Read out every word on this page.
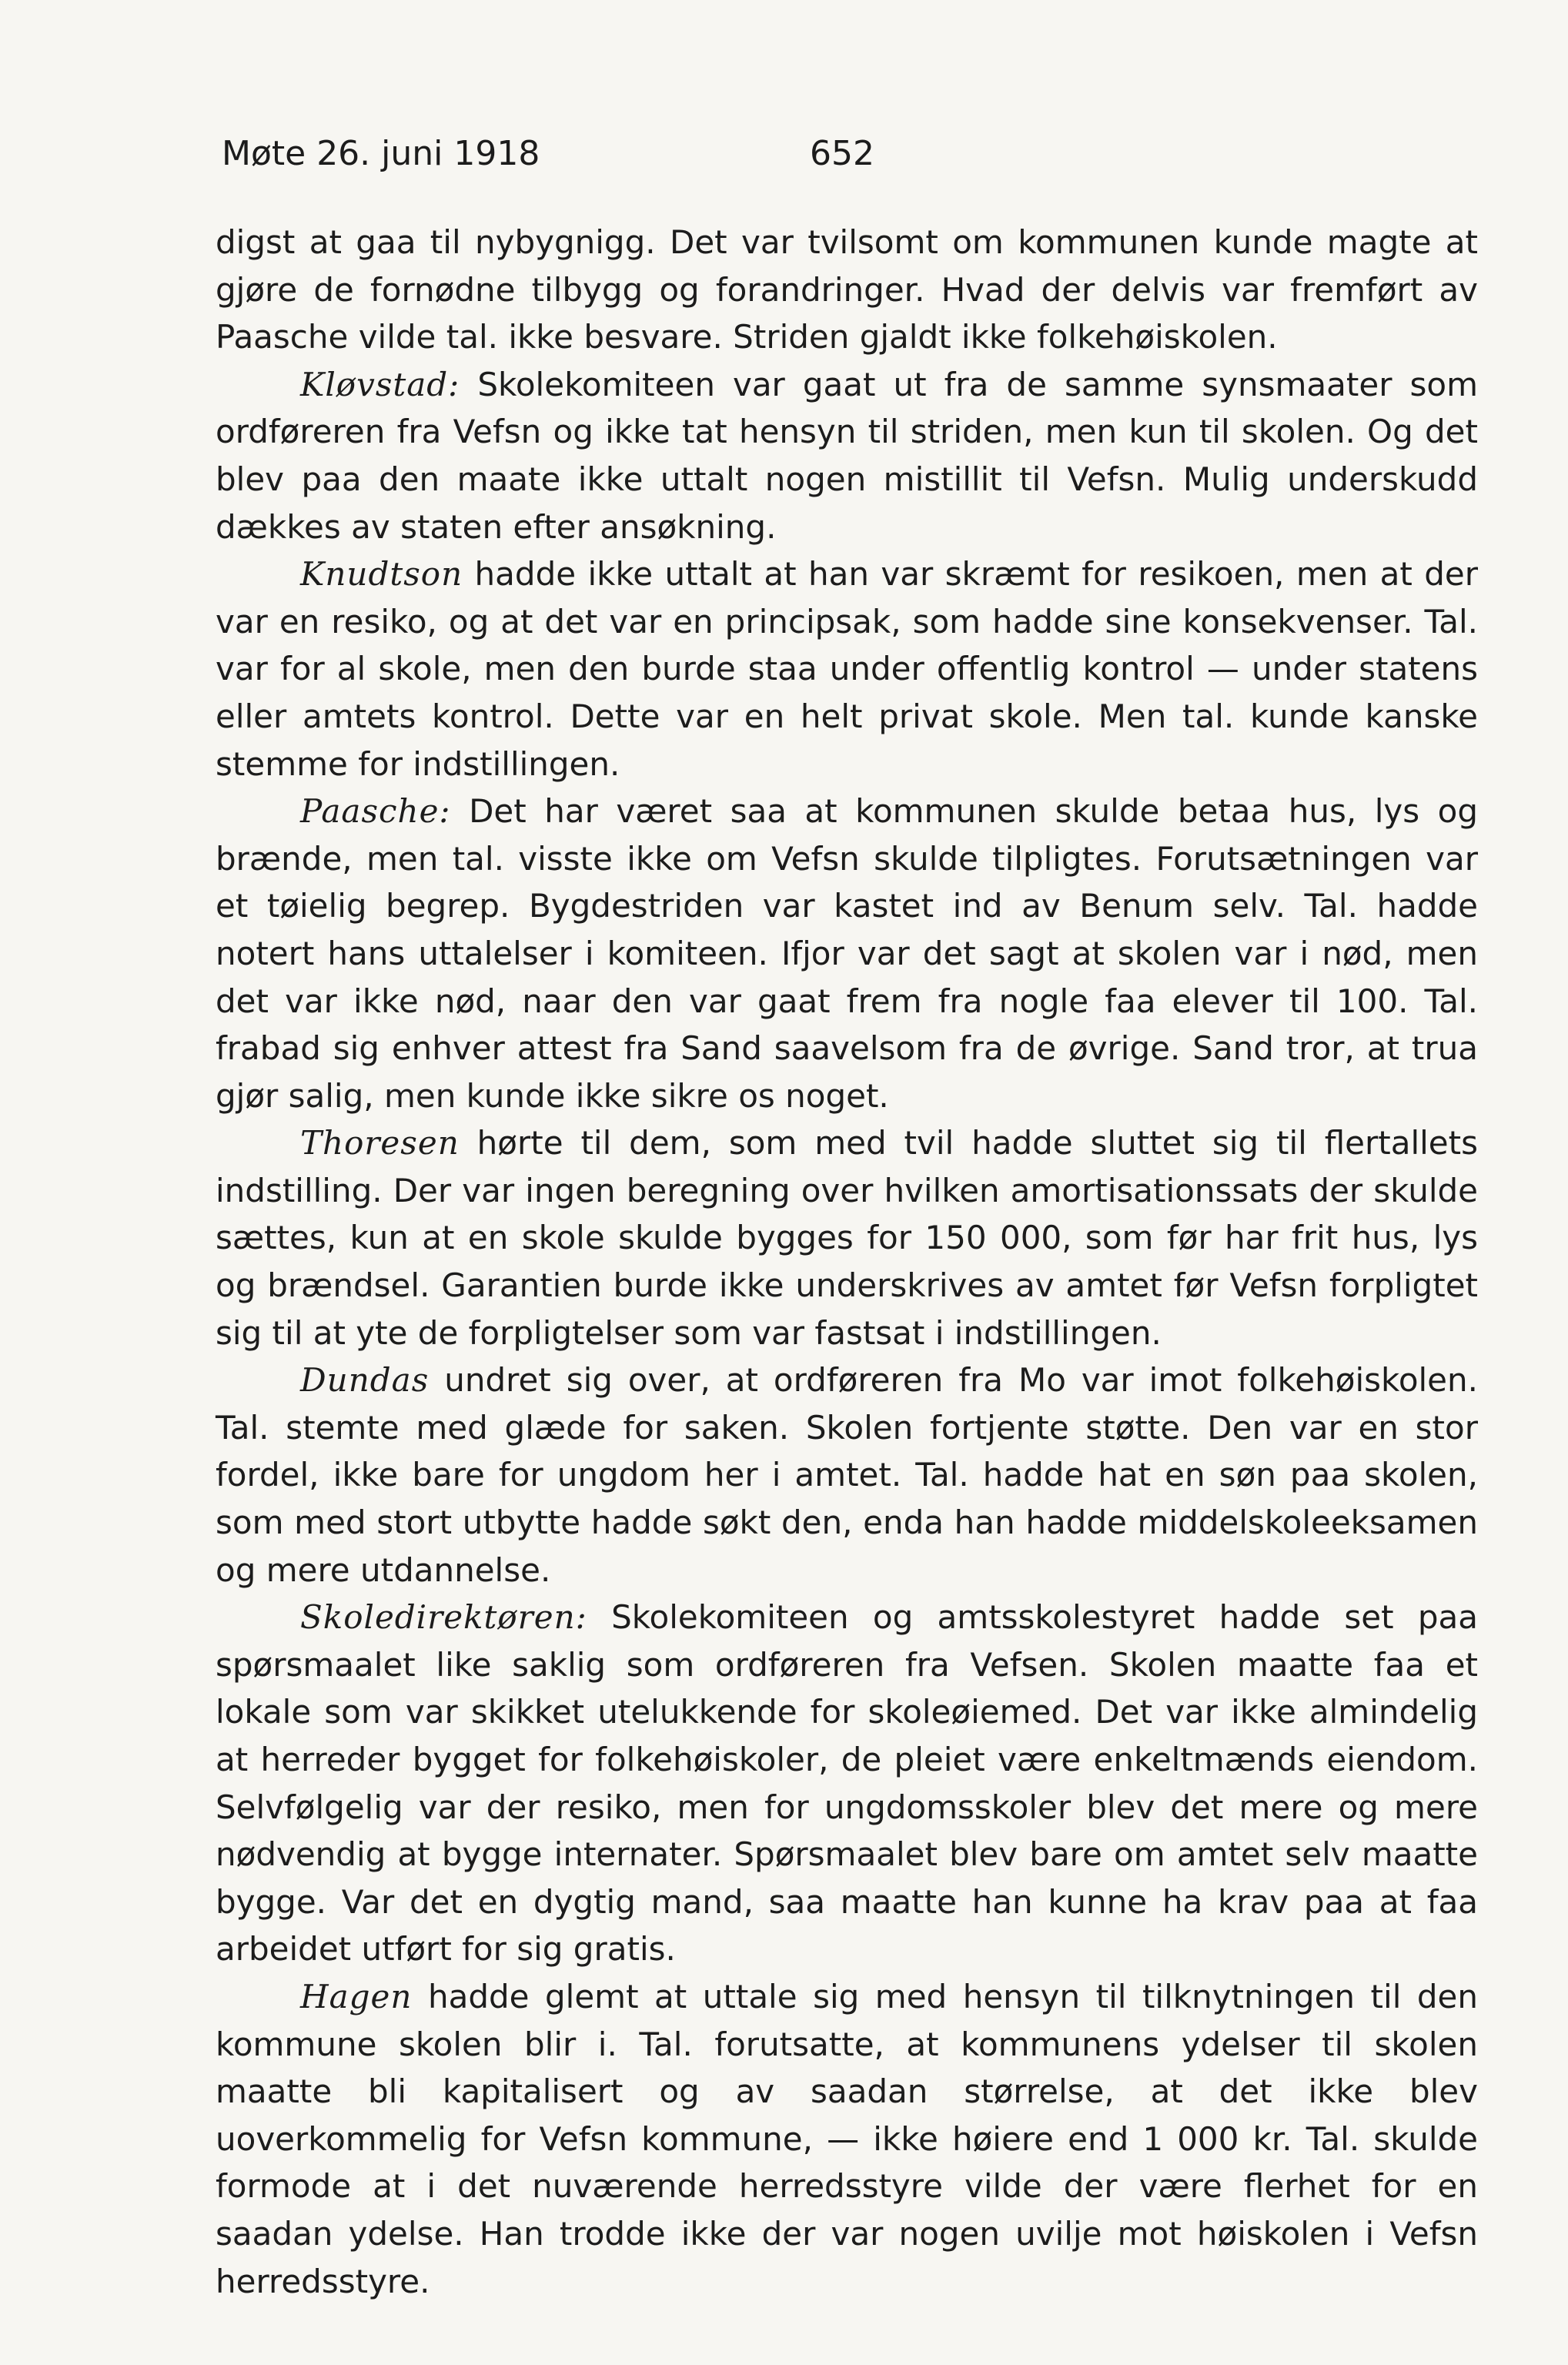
Møte 26. juni 1918	652

digst at gaa til nybygnigg. Det var tvilsomt om kommunen kunde magte at gjøre de fornødne tilbygg og forandringer. Hvad der delvis var fremført av Paasche vilde tal. ikke besvare. Striden gjaldt ikke folkehøiskolen.

Kløvstad: Skolekomiteen var gaat ut fra de samme synsmaater som ordføreren fra Vefsn og ikke tat hensyn til striden, men kun til skolen. Og det blev paa den maate ikke uttalt nogen mistillit til Vefsn. Mulig underskudd dækkes av staten efter ansøkning.

Knudtson hadde ikke uttalt at han var skræmt for resikoen, men at der var en resiko, og at det var en principsak, som hadde sine konsekvenser. Tal. var for al skole, men den burde staa under offentlig kontrol — under statens eller amtets kontrol. Dette var en helt privat skole. Men tal. kunde kanske stemme for indstillingen.

Paasche: Det har været saa at kommunen skulde betaa hus, lys og brænde, men tal. visste ikke om Vefsn skulde tilpligtes. Forutsætningen var et tøielig begrep. Bygdestriden var kastet ind av Benum selv. Tal. hadde notert hans uttalelser i komiteen. Ifjor var det sagt at skolen var i nød, men det var ikke nød, naar den var gaat frem fra nogle faa elever til 100. Tal. frabad sig enhver attest fra Sand saavelsom fra de øvrige. Sand tror, at trua gjør salig, men kunde ikke sikre os noget.

Thoresen hørte til dem, som med tvil hadde sluttet sig til flertallets indstilling. Der var ingen beregning over hvilken amortisationssats der skulde sættes, kun at en skole skulde bygges for 150 000, som før har frit hus, lys og brændsel. Garantien burde ikke underskrives av amtet før Vefsn forpligtet sig til at yte de forpligtelser som var fastsat i indstillingen.

Dundas undret sig over, at ordføreren fra Mo var imot folkehøiskolen. Tal. stemte med glæde for saken. Skolen fortjente støtte. Den var en stor fordel, ikke bare for ungdom her i amtet. Tal. hadde hat en søn paa skolen, som med stort utbytte hadde søkt den, enda han hadde middelskoleeksamen og mere utdannelse.

Skoledirektøren: Skolekomiteen og amtsskolestyret hadde set paa spørsmaalet like saklig som ordføreren fra Vefsen. Skolen maatte faa et lokale som var skikket utelukkende for skoleøiemed. Det var ikke almindelig at herreder bygget for folkehøiskoler, de pleiet være enkeltmænds eiendom. Selvfølgelig var der resiko, men for ungdomsskoler blev det mere og mere nødvendig at bygge internater. Spørsmaalet blev bare om amtet selv maatte bygge. Var det en dygtig mand, saa maatte han kunne ha krav paa at faa arbeidet utført for sig gratis.

Hagen hadde glemt at uttale sig med hensyn til tilknytningen til den kommune skolen blir i. Tal. forutsatte, at kommunens ydelser til skolen maatte bli kapitalisert og av saadan størrelse, at det ikke blev uoverkommelig for Vefsn kommune, — ikke høiere end 1 000 kr. Tal. skulde formode at i det nuværende herredsstyre vilde der være flerhet for en saadan ydelse. Han trodde ikke der var nogen uvilje mot høiskolen i Vefsn herredsstyre.
